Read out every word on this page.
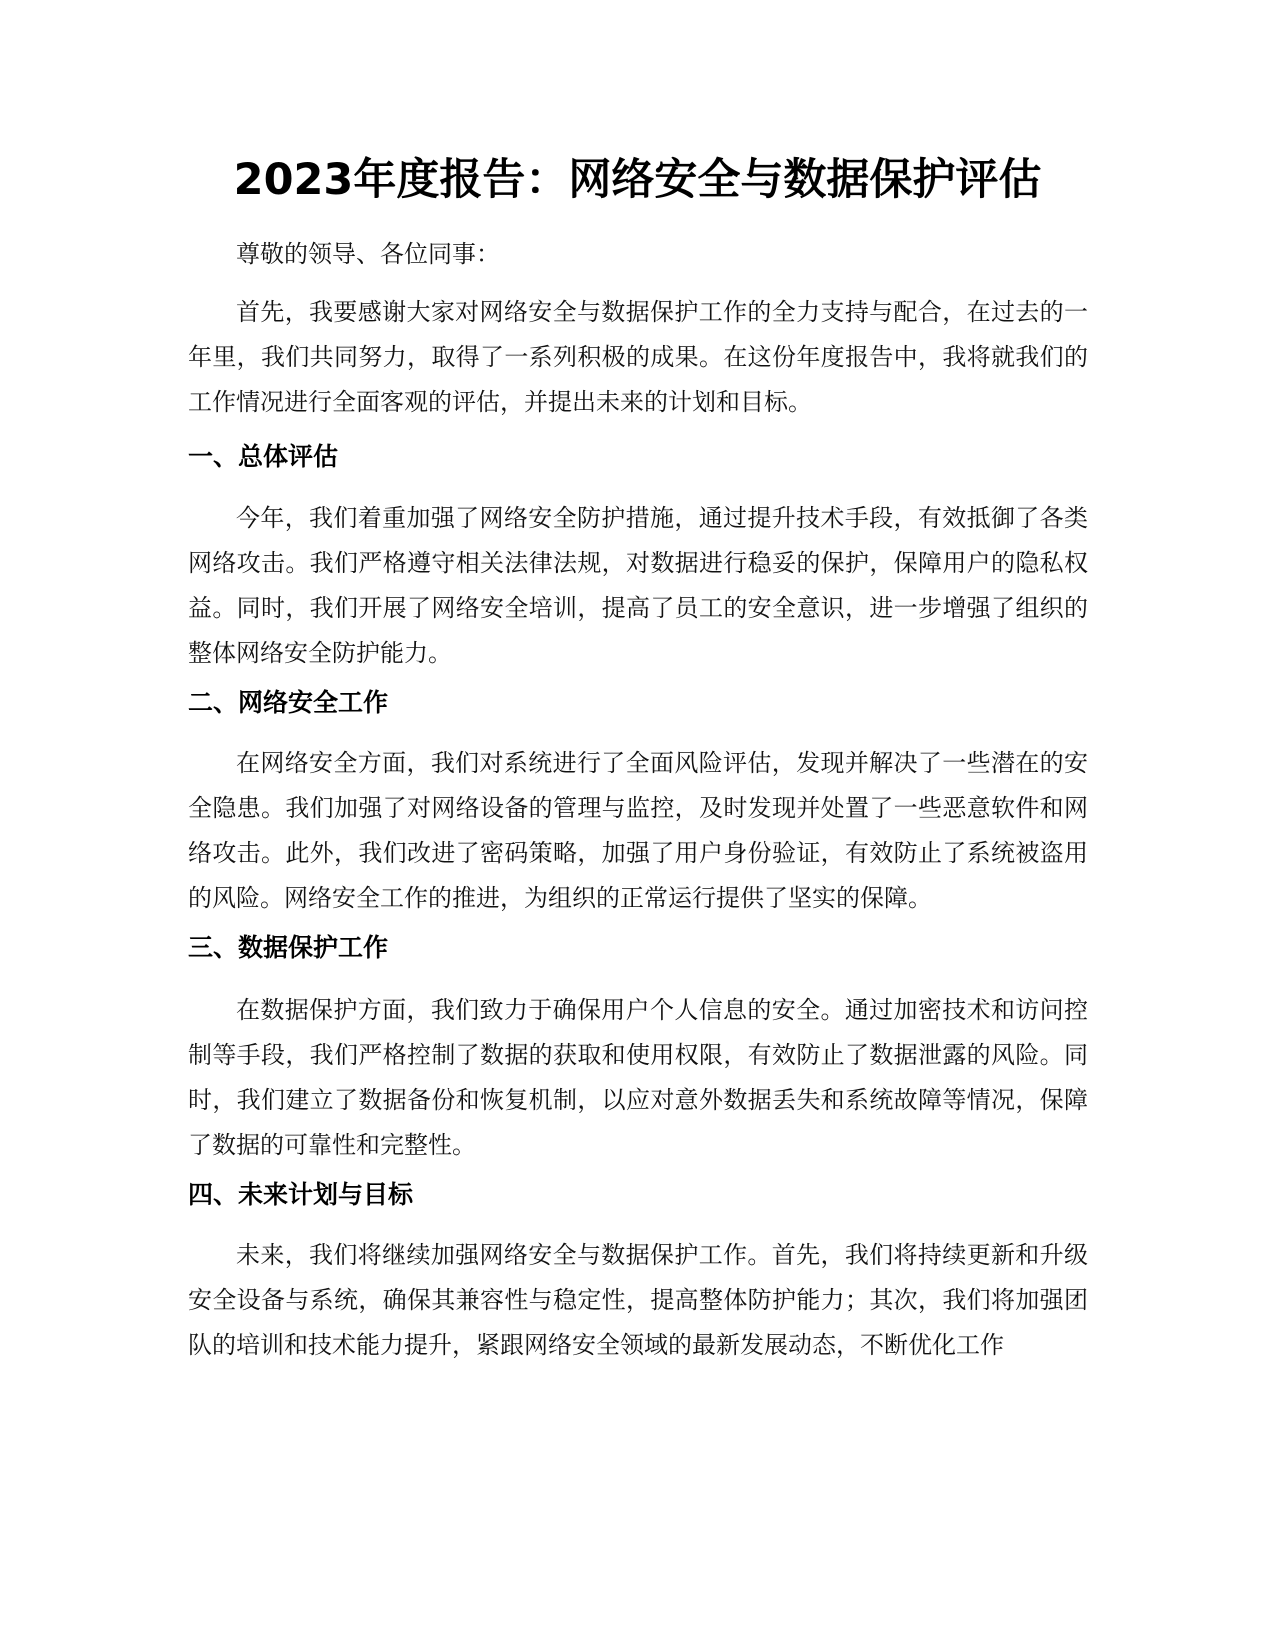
2023年度报告：网络安全与数据保护评估

尊敬的领导、各位同事：

首先，我要感谢大家对网络安全与数据保护工作的全力支持与配合，在过去的一年里，我们共同努力，取得了一系列积极的成果。在这份年度报告中，我将就我们的工作情况进行全面客观的评估，并提出未来的计划和目标。

一、总体评估

今年，我们着重加强了网络安全防护措施，通过提升技术手段，有效抵御了各类网络攻击。我们严格遵守相关法律法规，对数据进行稳妥的保护，保障用户的隐私权益。同时，我们开展了网络安全培训，提高了员工的安全意识，进一步增强了组织的整体网络安全防护能力。

二、网络安全工作

在网络安全方面，我们对系统进行了全面风险评估，发现并解决了一些潜在的安全隐患。我们加强了对网络设备的管理与监控，及时发现并处置了一些恶意软件和网络攻击。此外，我们改进了密码策略，加强了用户身份验证，有效防止了系统被盗用的风险。网络安全工作的推进，为组织的正常运行提供了坚实的保障。

三、数据保护工作

在数据保护方面，我们致力于确保用户个人信息的安全。通过加密技术和访问控制等手段，我们严格控制了数据的获取和使用权限，有效防止了数据泄露的风险。同时，我们建立了数据备份和恢复机制，以应对意外数据丢失和系统故障等情况，保障了数据的可靠性和完整性。

四、未来计划与目标

未来，我们将继续加强网络安全与数据保护工作。首先，我们将持续更新和升级安全设备与系统，确保其兼容性与稳定性，提高整体防护能力；其次，我们将加强团队的培训和技术能力提升，紧跟网络安全领域的最新发展动态，不断优化工作
